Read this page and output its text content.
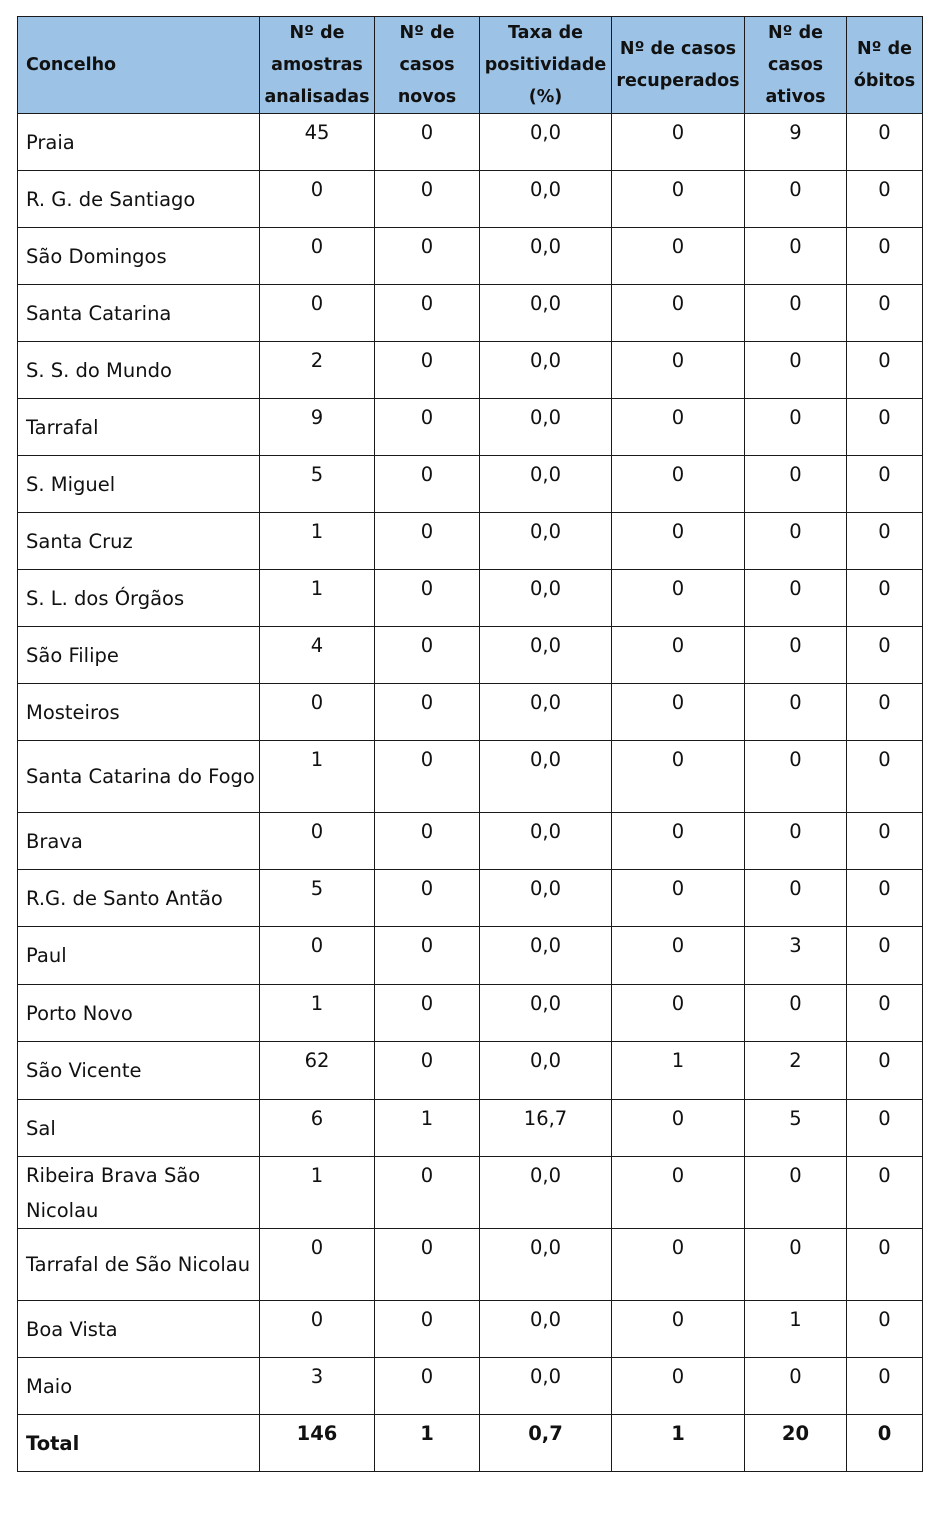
Concelho	Nº de amostras analisadas	Nº de casos novos	Taxa de positividade (%)	Nº de casos recuperados	Nº de casos ativos	Nº de óbitos
Praia	45	0	0,0	0	9	0
R. G. de Santiago	0	0	0,0	0	0	0
São Domingos	0	0	0,0	0	0	0
Santa Catarina	0	0	0,0	0	0	0
S. S. do Mundo	2	0	0,0	0	0	0
Tarrafal	9	0	0,0	0	0	0
S. Miguel	5	0	0,0	0	0	0
Santa Cruz	1	0	0,0	0	0	0
S. L. dos Órgãos	1	0	0,0	0	0	0
São Filipe	4	0	0,0	0	0	0
Mosteiros	0	0	0,0	0	0	0
Santa Catarina do Fogo	1	0	0,0	0	0	0
Brava	0	0	0,0	0	0	0
R.G. de Santo Antão	5	0	0,0	0	0	0
Paul	0	0	0,0	0	3	0
Porto Novo	1	0	0,0	0	0	0
São Vicente	62	0	0,0	1	2	0
Sal	6	1	16,7	0	5	0
Ribeira Brava São Nicolau	1	0	0,0	0	0	0
Tarrafal de São Nicolau	0	0	0,0	0	0	0
Boa Vista	0	0	0,0	0	1	0
Maio	3	0	0,0	0	0	0
Total	146	1	0,7	1	20	0
